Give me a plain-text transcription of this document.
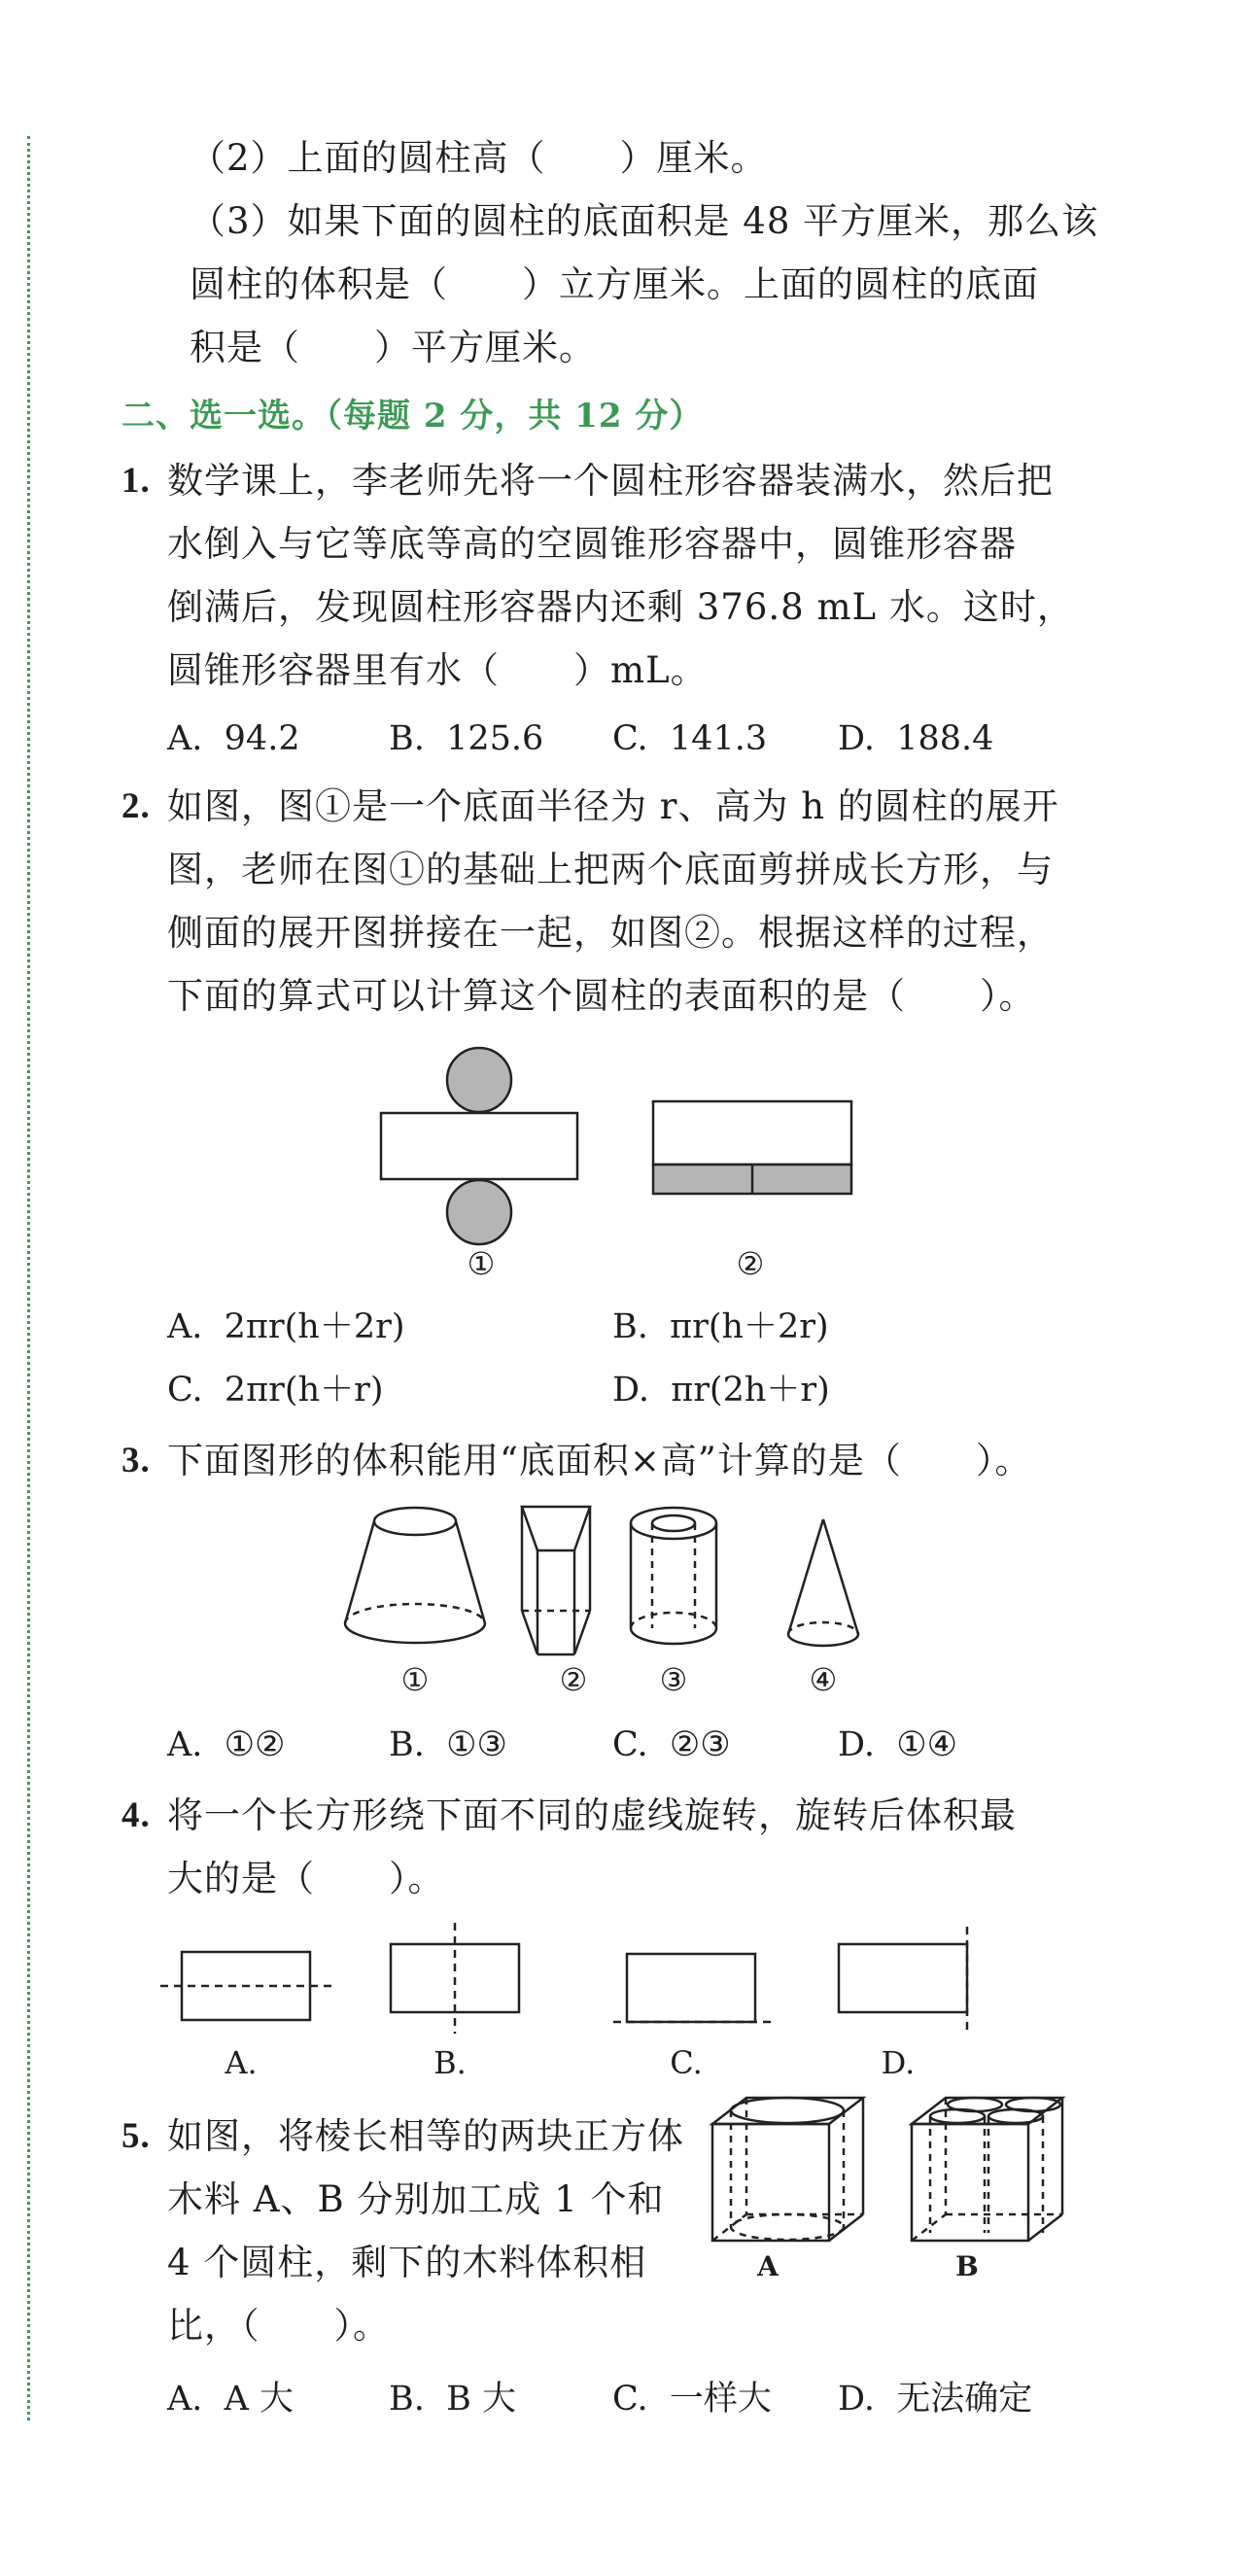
（2）上面的圆柱高（　　）厘米。
（3）如果下面的圆柱的底面积是 48 平方厘米，那么该
圆柱的体积是（　　）立方厘米。上面的圆柱的底面
积是（　　）平方厘米。
二、选一选。（每题 2 分，共 12 分）
1. 数学课上，李老师先将一个圆柱形容器装满水，然后把
水倒入与它等底等高的空圆锥形容器中，圆锥形容器
倒满后，发现圆柱形容器内还剩 376.8 mL 水。这时，
圆锥形容器里有水（　　）mL。
A.  94.2	B.  125.6 C.  141.3 D.  188.4
2. 如图，图①是一个底面半径为 r、高为 h 的圆柱的展开
图，老师在图①的基础上把两个底面剪拼成长方形，与
侧面的展开图拼接在一起，如图②。根据这样的过程，
下面的算式可以计算这个圆柱的表面积的是（　　）。
①	②
A.  2πr(h＋2r)	B.  πr(h＋2r)
C.  2πr(h＋r)	D.  πr(2h＋r)
3. 下面图形的体积能用“底面积×高”计算的是（　　）。
①	②	③	④
A.  ①②	B.  ①③	C.  ②③	D.  ①④
4. 将一个长方形绕下面不同的虚线旋转，旋转后体积最
大的是（　　）。
A.	B.	C.	D.
5. 如图，将棱长相等的两块正方体
木料 A、B 分别加工成 1 个和
4 个圆柱，剩下的木料体积相
比，（　　）。
A	B
A.  A 大	B.  B 大	C.  一样大 D.  无法确定
